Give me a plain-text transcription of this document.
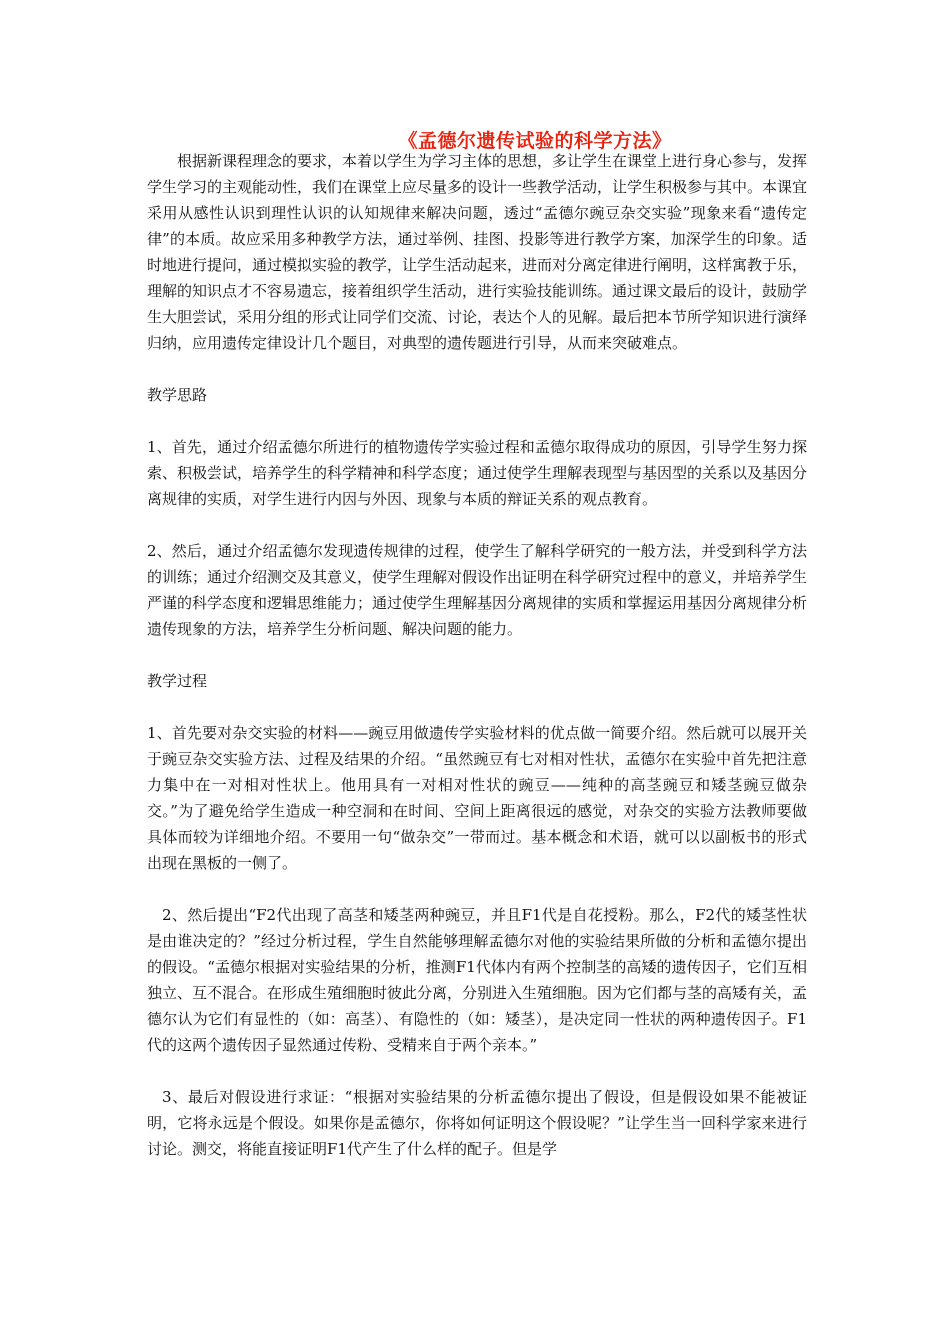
《孟德尔遗传试验的科学方法》

根据新课程理念的要求，本着以学生为学习主体的思想，多让学生在课堂上进行身心参与，发挥学生学习的主观能动性，我们在课堂上应尽量多的设计一些教学活动，让学生积极参与其中。本课宜采用从感性认识到理性认识的认知规律来解决问题，透过“孟德尔豌豆杂交实验”现象来看“遗传定律”的本质。故应采用多种教学方法，通过举例、挂图、投影等进行教学方案，加深学生的印象。适时地进行提问，通过模拟实验的教学，让学生活动起来，进而对分离定律进行阐明，这样寓教于乐，理解的知识点才不容易遗忘，接着组织学生活动，进行实验技能训练。通过课文最后的设计，鼓励学生大胆尝试，采用分组的形式让同学们交流、讨论，表达个人的见解。最后把本节所学知识进行演绎归纳，应用遗传定律设计几个题目，对典型的遗传题进行引导，从而来突破难点。

教学思路

1、首先，通过介绍孟德尔所进行的植物遗传学实验过程和孟德尔取得成功的原因，引导学生努力探索、积极尝试，培养学生的科学精神和科学态度；通过使学生理解表现型与基因型的关系以及基因分离规律的实质，对学生进行内因与外因、现象与本质的辩证关系的观点教育。

2、然后，通过介绍孟德尔发现遗传规律的过程，使学生了解科学研究的一般方法，并受到科学方法的训练；通过介绍测交及其意义，使学生理解对假设作出证明在科学研究过程中的意义，并培养学生严谨的科学态度和逻辑思维能力；通过使学生理解基因分离规律的实质和掌握运用基因分离规律分析遗传现象的方法，培养学生分析问题、解决问题的能力。

教学过程

1、首先要对杂交实验的材料——豌豆用做遗传学实验材料的优点做一简要介绍。然后就可以展开关于豌豆杂交实验方法、过程及结果的介绍。“虽然豌豆有七对相对性状，孟德尔在实验中首先把注意力集中在一对相对性状上。他用具有一对相对性状的豌豆——纯种的高茎豌豆和矮茎豌豆做杂交。”为了避免给学生造成一种空洞和在时间、空间上距离很远的感觉，对杂交的实验方法教师要做具体而较为详细地介绍。不要用一句“做杂交”一带而过。基本概念和术语，就可以以副板书的形式出现在黑板的一侧了。

2、然后提出“F2代出现了高茎和矮茎两种豌豆，并且F1代是自花授粉。那么，F2代的矮茎性状是由谁决定的？”经过分析过程，学生自然能够理解孟德尔对他的实验结果所做的分析和孟德尔提出的假设。“孟德尔根据对实验结果的分析，推测F1代体内有两个控制茎的高矮的遗传因子，它们互相独立、互不混合。在形成生殖细胞时彼此分离，分别进入生殖细胞。因为它们都与茎的高矮有关，孟德尔认为它们有显性的（如：高茎）、有隐性的（如：矮茎），是决定同一性状的两种遗传因子。F1代的这两个遗传因子显然通过传粉、受精来自于两个亲本。”

3、最后对假设进行求证：“根据对实验结果的分析孟德尔提出了假设，但是假设如果不能被证明，它将永远是个假设。如果你是孟德尔，你将如何证明这个假设呢？”让学生当一回科学家来进行讨论。测交，将能直接证明F1代产生了什么样的配子。但是学
